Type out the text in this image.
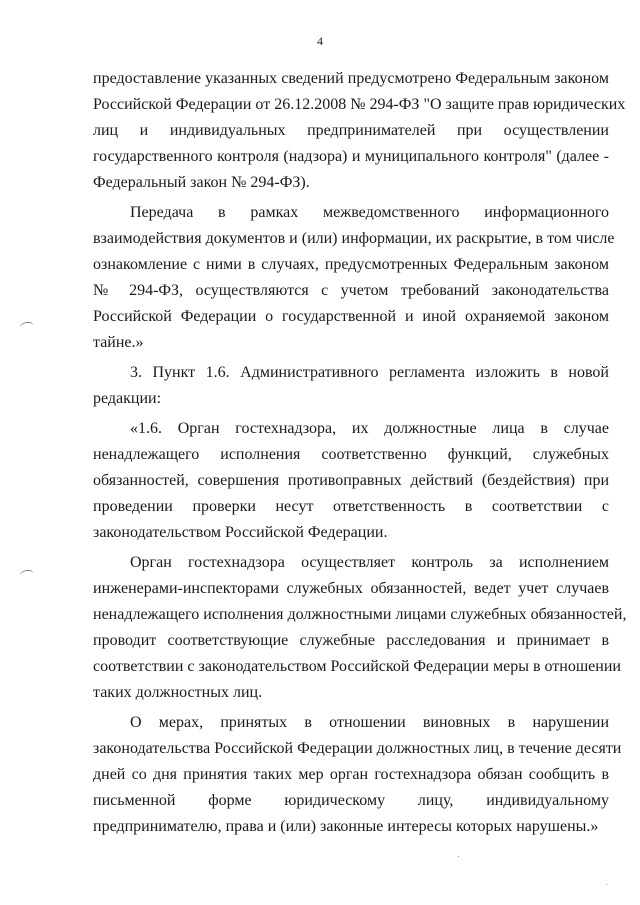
4
предоставление указанных сведений предусмотрено Федеральным законом
Российской Федерации от 26.12.2008 № 294-ФЗ "О защите прав юридических
лиц и индивидуальных предпринимателей при осуществлении
государственного контроля (надзора) и муниципального контроля" (далее -
Федеральный закон № 294-ФЗ).
Передача в рамках межведомственного информационного
взаимодействия документов и (или) информации, их раскрытие, в том числе
ознакомление с ними в случаях, предусмотренных Федеральным законом
№ 294-ФЗ, осуществляются с учетом требований законодательства
Российской Федерации о государственной и иной охраняемой законом
тайне.»
3. Пункт 1.6. Административного регламента изложить в новой
редакции:
«1.6. Орган гостехнадзора, их должностные лица в случае
ненадлежащего исполнения соответственно функций, служебных
обязанностей, совершения противоправных действий (бездействия) при
проведении проверки несут ответственность в соответствии с
законодательством Российской Федерации.
Орган гостехнадзора осуществляет контроль за исполнением
инженерами-инспекторами служебных обязанностей, ведет учет случаев
ненадлежащего исполнения должностными лицами служебных обязанностей,
проводит соответствующие служебные расследования и принимает в
соответствии с законодательством Российской Федерации меры в отношении
таких должностных лиц.
О мерах, принятых в отношении виновных в нарушении
законодательства Российской Федерации должностных лиц, в течение десяти
дней со дня принятия таких мер орган гостехнадзора обязан сообщить в
письменной форме юридическому лицу, индивидуальному
предпринимателю, права и (или) законные интересы которых нарушены.»
